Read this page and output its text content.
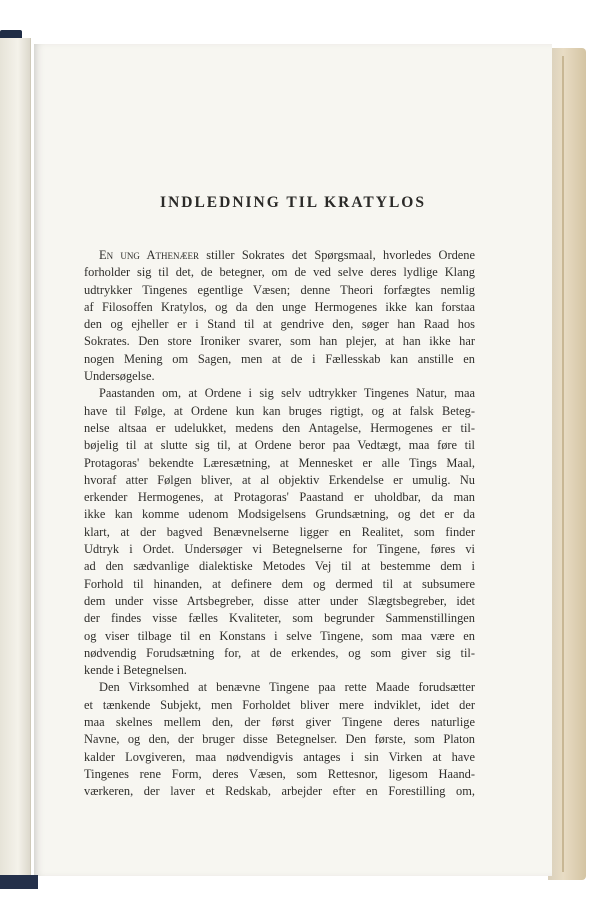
INDLEDNING TIL KRATYLOS
En ung Athenæer stiller Sokrates det Spørgsmaal, hvorledes Ordene
forholder sig til det, de betegner, om de ved selve deres lydlige Klang
udtrykker Tingenes egentlige Væsen; denne Theori forfægtes nemlig
af Filosoffen Kratylos, og da den unge Hermogenes ikke kan forstaa
den og ejheller er i Stand til at gendrive den, søger han Raad hos
Sokrates. Den store Ironiker svarer, som han plejer, at han ikke har
nogen Mening om Sagen, men at de i Fællesskab kan anstille en
Undersøgelse.
Paastanden om, at Ordene i sig selv udtrykker Tingenes Natur, maa
have til Følge, at Ordene kun kan bruges rigtigt, og at falsk Beteg-
nelse altsaa er udelukket, medens den Antagelse, Hermogenes er til-
bøjelig til at slutte sig til, at Ordene beror paa Vedtægt, maa føre til
Protagoras' bekendte Læresætning, at Mennesket er alle Tings Maal,
hvoraf atter Følgen bliver, at al objektiv Erkendelse er umulig. Nu
erkender Hermogenes, at Protagoras' Paastand er uholdbar, da man
ikke kan komme udenom Modsigelsens Grundsætning, og det er da
klart, at der bagved Benævnelserne ligger en Realitet, som finder
Udtryk i Ordet. Undersøger vi Betegnelserne for Tingene, føres vi
ad den sædvanlige dialektiske Metodes Vej til at bestemme dem i
Forhold til hinanden, at definere dem og dermed til at subsumere
dem under visse Artsbegreber, disse atter under Slægtsbegreber, idet
der findes visse fælles Kvaliteter, som begrunder Sammenstillingen
og viser tilbage til en Konstans i selve Tingene, som maa være en
nødvendig Forudsætning for, at de erkendes, og som giver sig til-
kende i Betegnelsen.
Den Virksomhed at benævne Tingene paa rette Maade forudsætter
et tænkende Subjekt, men Forholdet bliver mere indviklet, idet der
maa skelnes mellem den, der først giver Tingene deres naturlige
Navne, og den, der bruger disse Betegnelser. Den første, som Platon
kalder Lovgiveren, maa nødvendigvis antages i sin Virken at have
Tingenes rene Form, deres Væsen, som Rettesnor, ligesom Haand-
værkeren, der laver et Redskab, arbejder efter en Forestilling om,
